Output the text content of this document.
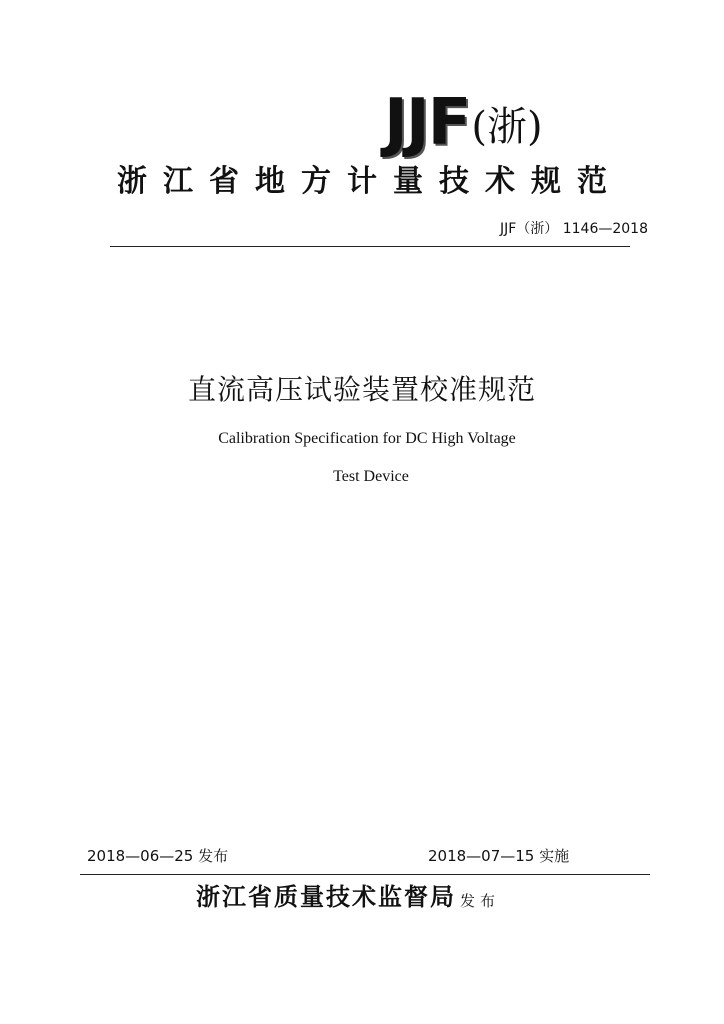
JJF (浙)
浙江省地方计量技术规范
JJF（浙） 1146—2018
直流高压试验装置校准规范
Calibration Specification for DC High Voltage
Test Device
2018—06—25 发布	2018—07—15 实施
浙江省质量技术监督局 发布
